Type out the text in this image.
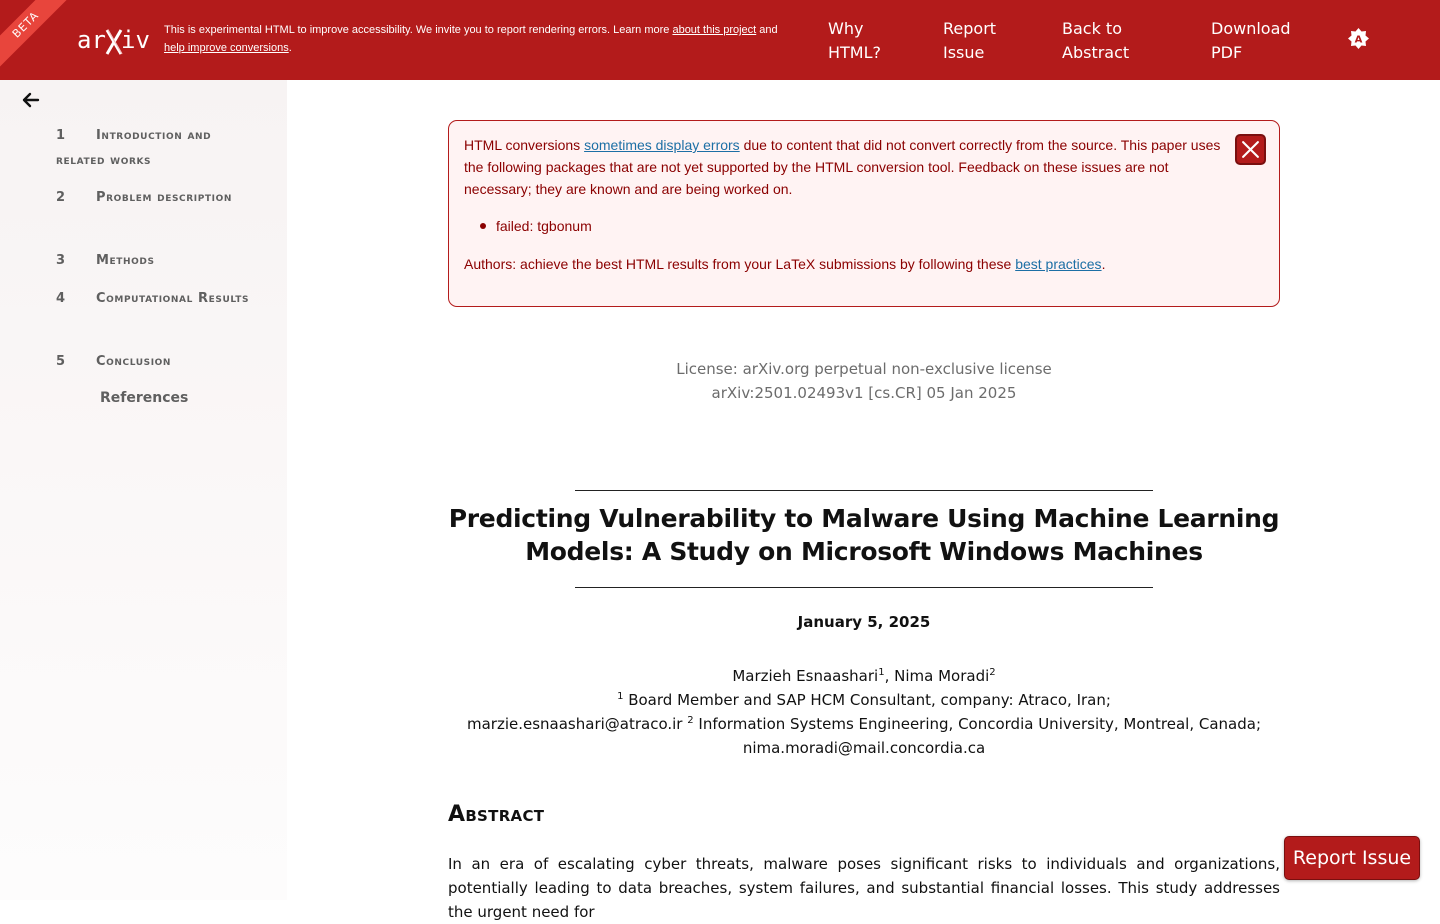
BETA	ar iv This is experimental HTML to improve accessibility. We invite you to report rendering errors. Learn more about this project and
help improve conversions.
Why HTML?
Report Issue
Back to Abstract
Download PDF
A
1 Introduction and related works
2 Problem description
3 Methods
4 Computational Results
5 Conclusion
References

HTML conversions sometimes display errors due to content that did not convert correctly from the source. This paper uses the following packages that are not yet supported by the HTML conversion tool. Feedback on these issues are not necessary; they are known and are being worked on.

failed: tgbonum

Authors: achieve the best HTML results from your LaTeX submissions by following these best practices.

License: arXiv.org perpetual non-exclusive license
arXiv:2501.02493v1 [cs.CR] 05 Jan 2025
Predicting Vulnerability to Malware Using Machine Learning Models: A Study on Microsoft Windows Machines
January 5, 2025
Marzieh Esnaashari$^1$, Nima Moradi$^2$
$^1$ Board Member and SAP HCM Consultant, company: Atraco, Iran;
marzie.esnaashari@atraco.ir $^2$ Information Systems Engineering, Concordia University, Montreal, Canada;
nima.moradi@mail.concordia.ca
Abstract

In an era of escalating cyber threats, malware poses significant risks to individuals and organizations, potentially leading to data breaches, system failures, and substantial financial losses. This study addresses the urgent need for

Report Issue
